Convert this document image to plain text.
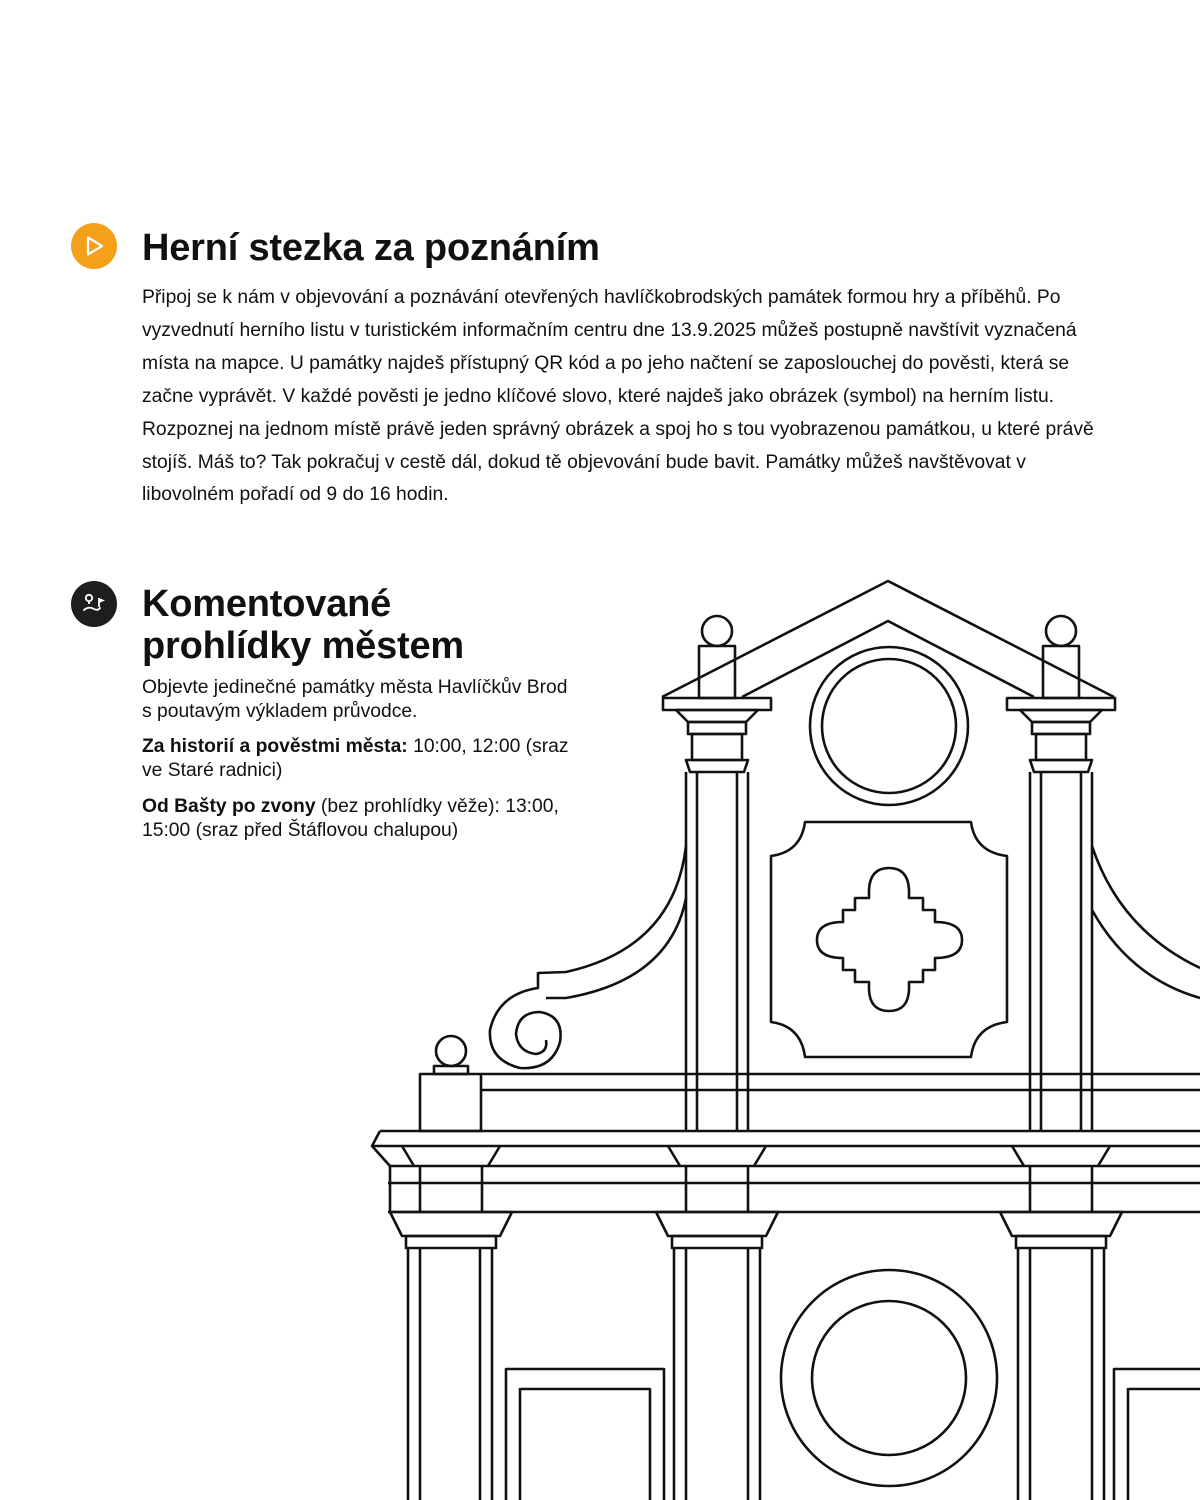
Herní stezka za poznáním

Připoj se k nám v objevování a poznávání otevřených havlíčkobrodských památek formou hry a příběhů. Po vyzvednutí herního listu v turistickém informačním centru dne 13.9.2025 můžeš postupně navštívit vyznačená místa na mapce. U památky najdeš přístupný QR kód a po jeho načtení se zaposlouchej do pověsti, která se začne vyprávět. V každé pověsti je jedno klíčové slovo, které najdeš jako obrázek (symbol) na herním listu. Rozpoznej na jednom místě právě jeden správný obrázek a spoj ho s tou vyobrazenou památkou, u které právě stojíš. Máš to? Tak pokračuj v cestě dál, dokud tě objevování bude bavit. Památky můžeš navštěvovat v libovolném pořadí od 9 do 16 hodin.

Komentované
prohlídky městem

Objevte jedinečné památky města Havlíčkův Brod s poutavým výkladem průvodce.

Za historií a pověstmi města: 10:00, 12:00 (sraz ve Staré radnici)

Od Bašty po zvony (bez prohlídky věže): 13:00, 15:00 (sraz před Štáflovou chalupou)
